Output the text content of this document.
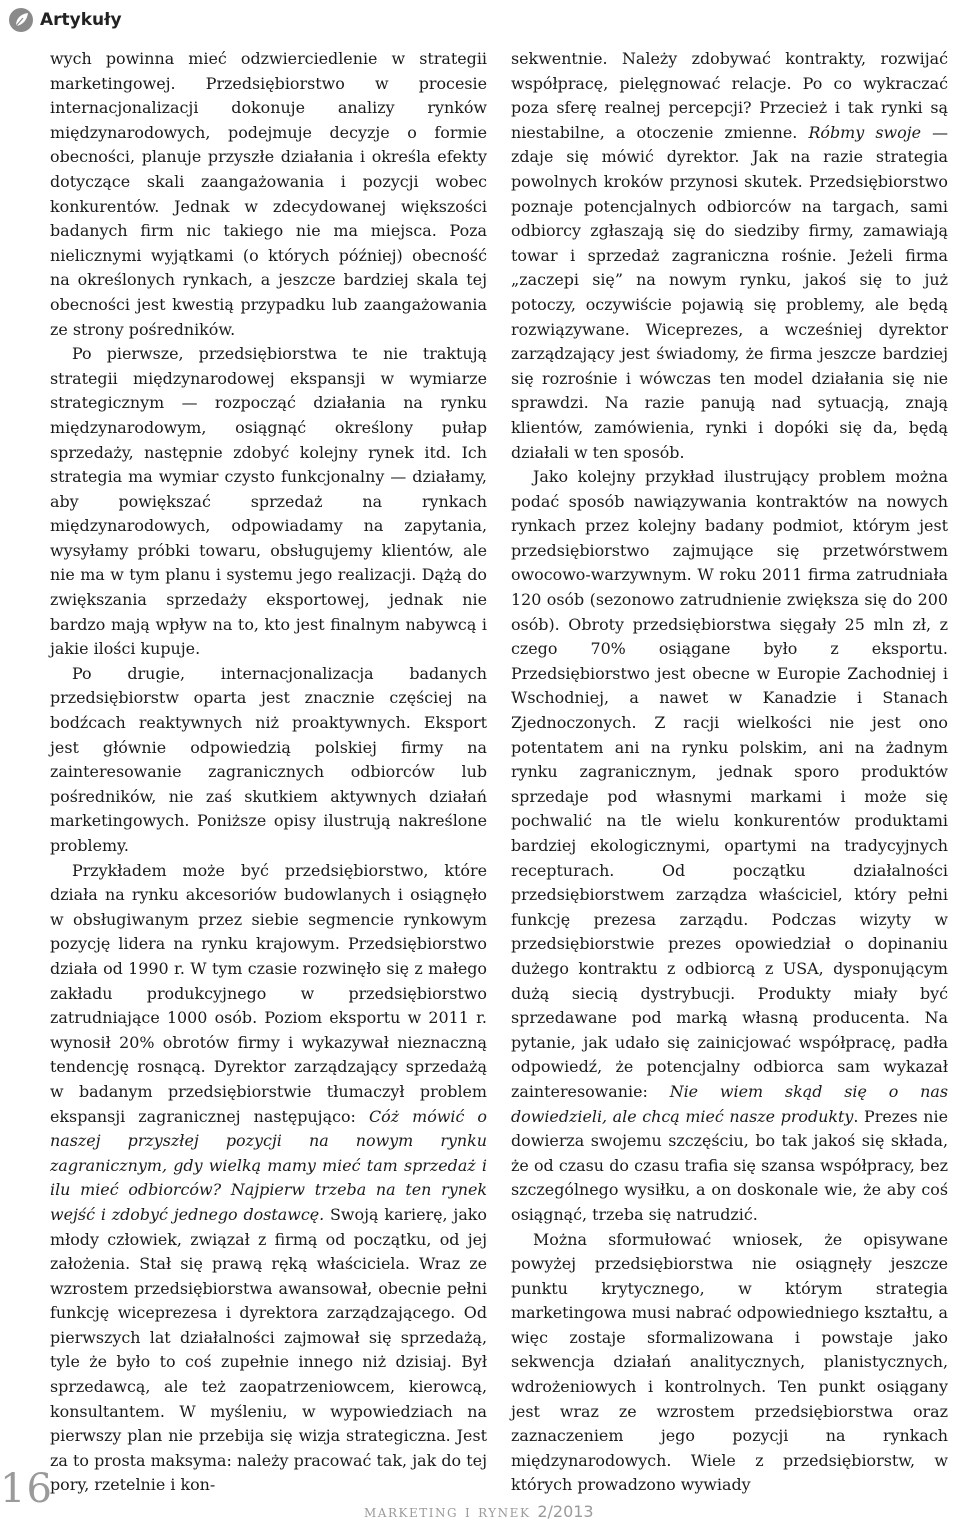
Artykuły

wych powinna mieć odzwierciedlenie w strategii marketingowej. Przedsiębiorstwo w procesie internacjonalizacji dokonuje analizy rynków międzynarodowych, podejmuje decyzje o formie obecności, planuje przyszłe działania i określa efekty dotyczące skali zaangażowania i pozycji wobec konkurentów. Jednak w zdecydowanej większości badanych firm nic takiego nie ma miejsca. Poza nielicznymi wyjątkami (o których później) obecność na określonych rynkach, a jeszcze bardziej skala tej obecności jest kwestią przypadku lub zaangażowania ze strony pośredników.

Po pierwsze, przedsiębiorstwa te nie traktują strategii międzynarodowej ekspansji w wymiarze strategicznym — rozpocząć działania na rynku międzynarodowym, osiągnąć określony pułap sprzedaży, następnie zdobyć kolejny rynek itd. Ich strategia ma wymiar czysto funkcjonalny — działamy, aby powiększać sprzedaż na rynkach międzynarodowych, odpowiadamy na zapytania, wysyłamy próbki towaru, obsługujemy klientów, ale nie ma w tym planu i systemu jego realizacji. Dążą do zwiększania sprzedaży eksportowej, jednak nie bardzo mają wpływ na to, kto jest finalnym nabywcą i jakie ilości kupuje.

Po drugie, internacjonalizacja badanych przedsiębiorstw oparta jest znacznie częściej na bodźcach reaktywnych niż proaktywnych. Eksport jest głównie odpowiedzią polskiej firmy na zainteresowanie zagranicznych odbiorców lub pośredników, nie zaś skutkiem aktywnych działań marketingowych. Poniższe opisy ilustrują nakreślone problemy.

Przykładem może być przedsiębiorstwo, które działa na rynku akcesoriów budowlanych i osiągnęło w obsługiwanym przez siebie segmencie rynkowym pozycję lidera na rynku krajowym. Przedsiębiorstwo działa od 1990 r. W tym czasie rozwinęło się z małego zakładu produkcyjnego w przedsiębiorstwo zatrudniające 1000 osób. Poziom eksportu w 2011 r. wynosił 20% obrotów firmy i wykazywał nieznaczną tendencję rosnącą. Dyrektor zarządzający sprzedażą w badanym przedsiębiorstwie tłumaczył problem ekspansji zagranicznej następująco: Cóż mówić o naszej przyszłej pozycji na nowym rynku zagranicznym, gdy wielką mamy mieć tam sprzedaż i ilu mieć odbiorców? Najpierw trzeba na ten rynek wejść i zdobyć jednego dostawcę. Swoją karierę, jako młody człowiek, związał z firmą od początku, od jej założenia. Stał się prawą ręką właściciela. Wraz ze wzrostem przedsiębiorstwa awansował, obecnie pełni funkcję wiceprezesa i dyrektora zarządzającego. Od pierwszych lat działalności zajmował się sprzedażą, tyle że było to coś zupełnie innego niż dzisiaj. Był sprzedawcą, ale też zaopatrzeniowcem, kierowcą, konsultantem. W myśleniu, w wypowiedziach na pierwszy plan nie przebija się wizja strategiczna. Jest za to prosta maksyma: należy pracować tak, jak do tej pory, rzetelnie i kon-

sekwentnie. Należy zdobywać kontrakty, rozwijać współpracę, pielęgnować relacje. Po co wykraczać poza sferę realnej percepcji? Przecież i tak rynki są niestabilne, a otoczenie zmienne. Róbmy swoje — zdaje się mówić dyrektor. Jak na razie strategia powolnych kroków przynosi skutek. Przedsiębiorstwo poznaje potencjalnych odbiorców na targach, sami odbiorcy zgłaszają się do siedziby firmy, zamawiają towar i sprzedaż zagraniczna rośnie. Jeżeli firma „zaczepi się” na nowym rynku, jakoś się to już potoczy, oczywiście pojawią się problemy, ale będą rozwiązywane. Wiceprezes, a wcześniej dyrektor zarządzający jest świadomy, że firma jeszcze bardziej się rozrośnie i wówczas ten model działania się nie sprawdzi. Na razie panują nad sytuacją, znają klientów, zamówienia, rynki i dopóki się da, będą działali w ten sposób.

Jako kolejny przykład ilustrujący problem można podać sposób nawiązywania kontraktów na nowych rynkach przez kolejny badany podmiot, którym jest przedsiębiorstwo zajmujące się przetwórstwem owocowo-warzywnym. W roku 2011 firma zatrudniała 120 osób (sezonowo zatrudnienie zwiększa się do 200 osób). Obroty przedsiębiorstwa sięgały 25 mln zł, z czego 70% osiągane było z eksportu. Przedsiębiorstwo jest obecne w Europie Zachodniej i Wschodniej, a nawet w Kanadzie i Stanach Zjednoczonych. Z racji wielkości nie jest ono potentatem ani na rynku polskim, ani na żadnym rynku zagranicznym, jednak sporo produktów sprzedaje pod własnymi markami i może się pochwalić na tle wielu konkurentów produktami bardziej ekologicznymi, opartymi na tradycyjnych recepturach. Od początku działalności przedsiębiorstwem zarządza właściciel, który pełni funkcję prezesa zarządu. Podczas wizyty w przedsiębiorstwie prezes opowiedział o dopinaniu dużego kontraktu z odbiorcą z USA, dysponującym dużą siecią dystrybucji. Produkty miały być sprzedawane pod marką własną producenta. Na pytanie, jak udało się zainicjować współpracę, padła odpowiedź, że potencjalny odbiorca sam wykazał zainteresowanie: Nie wiem skąd się o nas dowiedzieli, ale chcą mieć nasze produkty. Prezes nie dowierza swojemu szczęściu, bo tak jakoś się składa, że od czasu do czasu trafia się szansa współpracy, bez szczególnego wysiłku, a on doskonale wie, że aby coś osiągnąć, trzeba się natrudzić.

Można sformułować wniosek, że opisywane powyżej przedsiębiorstwa nie osiągnęły jeszcze punktu krytycznego, w którym strategia marketingowa musi nabrać odpowiedniego kształtu, a więc zostaje sformalizowana i powstaje jako sekwencja działań analitycznych, planistycznych, wdrożeniowych i kontrolnych. Ten punkt osiągany jest wraz ze wzrostem przedsiębiorstwa oraz zaznaczeniem jego pozycji na rynkach międzynarodowych. Wiele z przedsiębiorstw, w których prowadzono wywiady

16	marketing i rynek 2/2013
